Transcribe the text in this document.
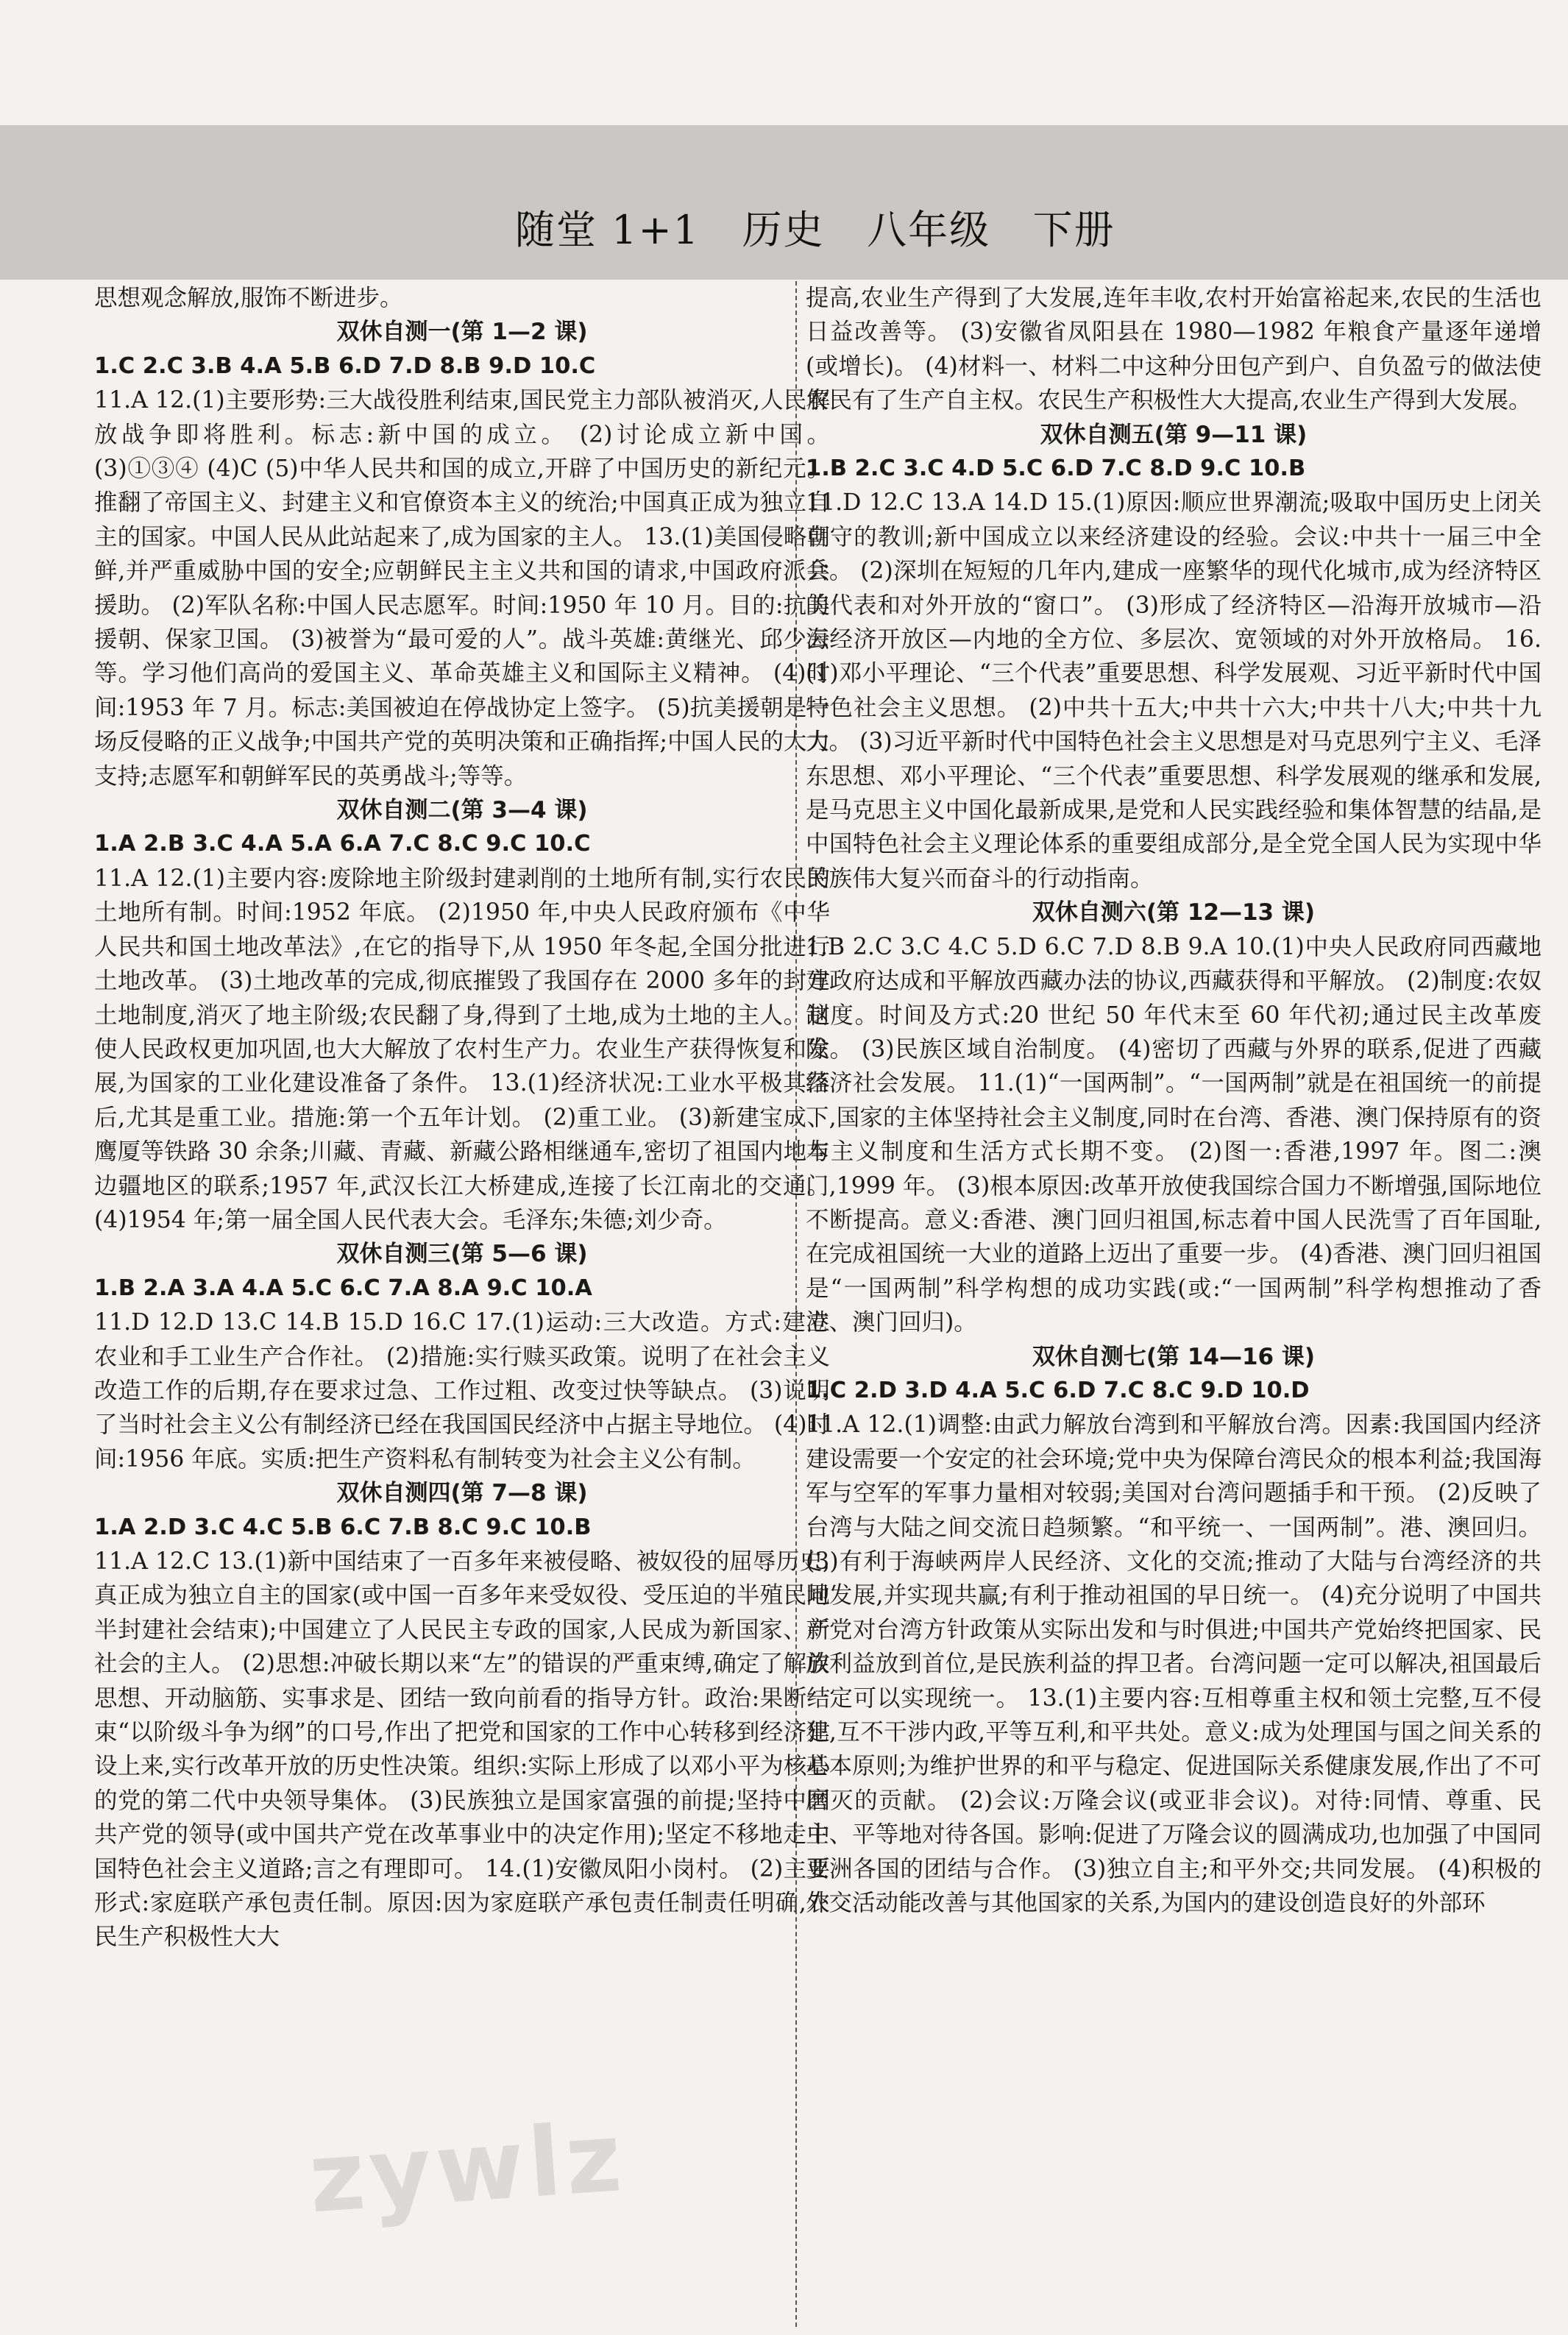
随堂 1+1   历史   八年级   下册
思想观念解放,服饰不断进步。
双休自测一(第 1—2 课)
1.C 2.C 3.B 4.A 5.B 6.D 7.D 8.B 9.D 10.C
11.A 12.(1)主要形势:三大战役胜利结束,国民党主力部队被消灭,人民解放战争即将胜利。标志:新中国的成立。 (2)讨论成立新中国。 (3)①③④ (4)C (5)中华人民共和国的成立,开辟了中国历史的新纪元。推翻了帝国主义、封建主义和官僚资本主义的统治;中国真正成为独立自主的国家。中国人民从此站起来了,成为国家的主人。 13.(1)美国侵略朝鲜,并严重威胁中国的安全;应朝鲜民主主义共和国的请求,中国政府派兵援助。 (2)军队名称:中国人民志愿军。时间:1950 年 10 月。目的:抗美援朝、保家卫国。 (3)被誉为“最可爱的人”。战斗英雄:黄继光、邱少云等。学习他们高尚的爱国主义、革命英雄主义和国际主义精神。 (4)时间:1953 年 7 月。标志:美国被迫在停战协定上签字。 (5)抗美援朝是一场反侵略的正义战争;中国共产党的英明决策和正确指挥;中国人民的大力支持;志愿军和朝鲜军民的英勇战斗;等等。
双休自测二(第 3—4 课)
1.A 2.B 3.C 4.A 5.A 6.A 7.C 8.C 9.C 10.C
11.A 12.(1)主要内容:废除地主阶级封建剥削的土地所有制,实行农民的土地所有制。时间:1952 年底。 (2)1950 年,中央人民政府颁布《中华人民共和国土地改革法》,在它的指导下,从 1950 年冬起,全国分批进行土地改革。 (3)土地改革的完成,彻底摧毁了我国存在 2000 多年的封建土地制度,消灭了地主阶级;农民翻了身,得到了土地,成为土地的主人。这使人民政权更加巩固,也大大解放了农村生产力。农业生产获得恢复和发展,为国家的工业化建设准备了条件。 13.(1)经济状况:工业水平极其落后,尤其是重工业。措施:第一个五年计划。 (2)重工业。 (3)新建宝成、鹰厦等铁路 30 余条;川藏、青藏、新藏公路相继通车,密切了祖国内地与边疆地区的联系;1957 年,武汉长江大桥建成,连接了长江南北的交通。 (4)1954 年;第一届全国人民代表大会。毛泽东;朱德;刘少奇。
双休自测三(第 5—6 课)
1.B 2.A 3.A 4.A 5.C 6.C 7.A 8.A 9.C 10.A
11.D 12.D 13.C 14.B 15.D 16.C 17.(1)运动:三大改造。方式:建立农业和手工业生产合作社。 (2)措施:实行赎买政策。说明了在社会主义改造工作的后期,存在要求过急、工作过粗、改变过快等缺点。 (3)说明了当时社会主义公有制经济已经在我国国民经济中占据主导地位。 (4)时间:1956 年底。实质:把生产资料私有制转变为社会主义公有制。
双休自测四(第 7—8 课)
1.A 2.D 3.C 4.C 5.B 6.C 7.B 8.C 9.C 10.B
11.A 12.C 13.(1)新中国结束了一百多年来被侵略、被奴役的屈辱历史,真正成为独立自主的国家(或中国一百多年来受奴役、受压迫的半殖民地半封建社会结束);中国建立了人民民主专政的国家,人民成为新国家、新社会的主人。 (2)思想:冲破长期以来“左”的错误的严重束缚,确定了解放思想、开动脑筋、实事求是、团结一致向前看的指导方针。政治:果断结束“以阶级斗争为纲”的口号,作出了把党和国家的工作中心转移到经济建设上来,实行改革开放的历史性决策。组织:实际上形成了以邓小平为核心的党的第二代中央领导集体。 (3)民族独立是国家富强的前提;坚持中国共产党的领导(或中国共产党在改革事业中的决定作用);坚定不移地走中国特色社会主义道路;言之有理即可。 14.(1)安徽凤阳小岗村。 (2)主要形式:家庭联产承包责任制。原因:因为家庭联产承包责任制责任明确,农民生产积极性大大
提高,农业生产得到了大发展,连年丰收,农村开始富裕起来,农民的生活也日益改善等。 (3)安徽省凤阳县在 1980—1982 年粮食产量逐年递增(或增长)。 (4)材料一、材料二中这种分田包产到户、自负盈亏的做法使农民有了生产自主权。农民生产积极性大大提高,农业生产得到大发展。
双休自测五(第 9—11 课)
1.B 2.C 3.C 4.D 5.C 6.D 7.C 8.D 9.C 10.B
11.D 12.C 13.A 14.D 15.(1)原因:顺应世界潮流;吸取中国历史上闭关自守的教训;新中国成立以来经济建设的经验。会议:中共十一届三中全会。 (2)深圳在短短的几年内,建成一座繁华的现代化城市,成为经济特区的代表和对外开放的“窗口”。 (3)形成了经济特区—沿海开放城市—沿海经济开放区—内地的全方位、多层次、宽领域的对外开放格局。 16.(1)邓小平理论、“三个代表”重要思想、科学发展观、习近平新时代中国特色社会主义思想。 (2)中共十五大;中共十六大;中共十八大;中共十九大。 (3)习近平新时代中国特色社会主义思想是对马克思列宁主义、毛泽东思想、邓小平理论、“三个代表”重要思想、科学发展观的继承和发展,是马克思主义中国化最新成果,是党和人民实践经验和集体智慧的结晶,是中国特色社会主义理论体系的重要组成部分,是全党全国人民为实现中华民族伟大复兴而奋斗的行动指南。
双休自测六(第 12—13 课)
1.B 2.C 3.C 4.C 5.D 6.C 7.D 8.B 9.A 10.(1)中央人民政府同西藏地方政府达成和平解放西藏办法的协议,西藏获得和平解放。 (2)制度:农奴制度。时间及方式:20 世纪 50 年代末至 60 年代初;通过民主改革废除。 (3)民族区域自治制度。 (4)密切了西藏与外界的联系,促进了西藏经济社会发展。 11.(1)“一国两制”。“一国两制”就是在祖国统一的前提下,国家的主体坚持社会主义制度,同时在台湾、香港、澳门保持原有的资本主义制度和生活方式长期不变。 (2)图一:香港,1997 年。图二:澳门,1999 年。 (3)根本原因:改革开放使我国综合国力不断增强,国际地位不断提高。意义:香港、澳门回归祖国,标志着中国人民洗雪了百年国耻,在完成祖国统一大业的道路上迈出了重要一步。 (4)香港、澳门回归祖国是“一国两制”科学构想的成功实践(或:“一国两制”科学构想推动了香港、澳门回归)。
双休自测七(第 14—16 课)
1.C 2.D 3.D 4.A 5.C 6.D 7.C 8.C 9.D 10.D
11.A 12.(1)调整:由武力解放台湾到和平解放台湾。因素:我国国内经济建设需要一个安定的社会环境;党中央为保障台湾民众的根本利益;我国海军与空军的军事力量相对较弱;美国对台湾问题插手和干预。 (2)反映了台湾与大陆之间交流日趋频繁。“和平统一、一国两制”。港、澳回归。 (3)有利于海峡两岸人民经济、文化的交流;推动了大陆与台湾经济的共同发展,并实现共赢;有利于推动祖国的早日统一。 (4)充分说明了中国共产党对台湾方针政策从实际出发和与时俱进;中国共产党始终把国家、民族利益放到首位,是民族利益的捍卫者。台湾问题一定可以解决,祖国最后一定可以实现统一。 13.(1)主要内容:互相尊重主权和领土完整,互不侵犯,互不干涉内政,平等互利,和平共处。意义:成为处理国与国之间关系的基本原则;为维护世界的和平与稳定、促进国际关系健康发展,作出了不可磨灭的贡献。 (2)会议:万隆会议(或亚非会议)。对待:同情、尊重、民主、平等地对待各国。影响:促进了万隆会议的圆满成功,也加强了中国同亚洲各国的团结与合作。 (3)独立自主;和平外交;共同发展。 (4)积极的外交活动能改善与其他国家的关系,为国内的建设创造良好的外部环
zywlz
